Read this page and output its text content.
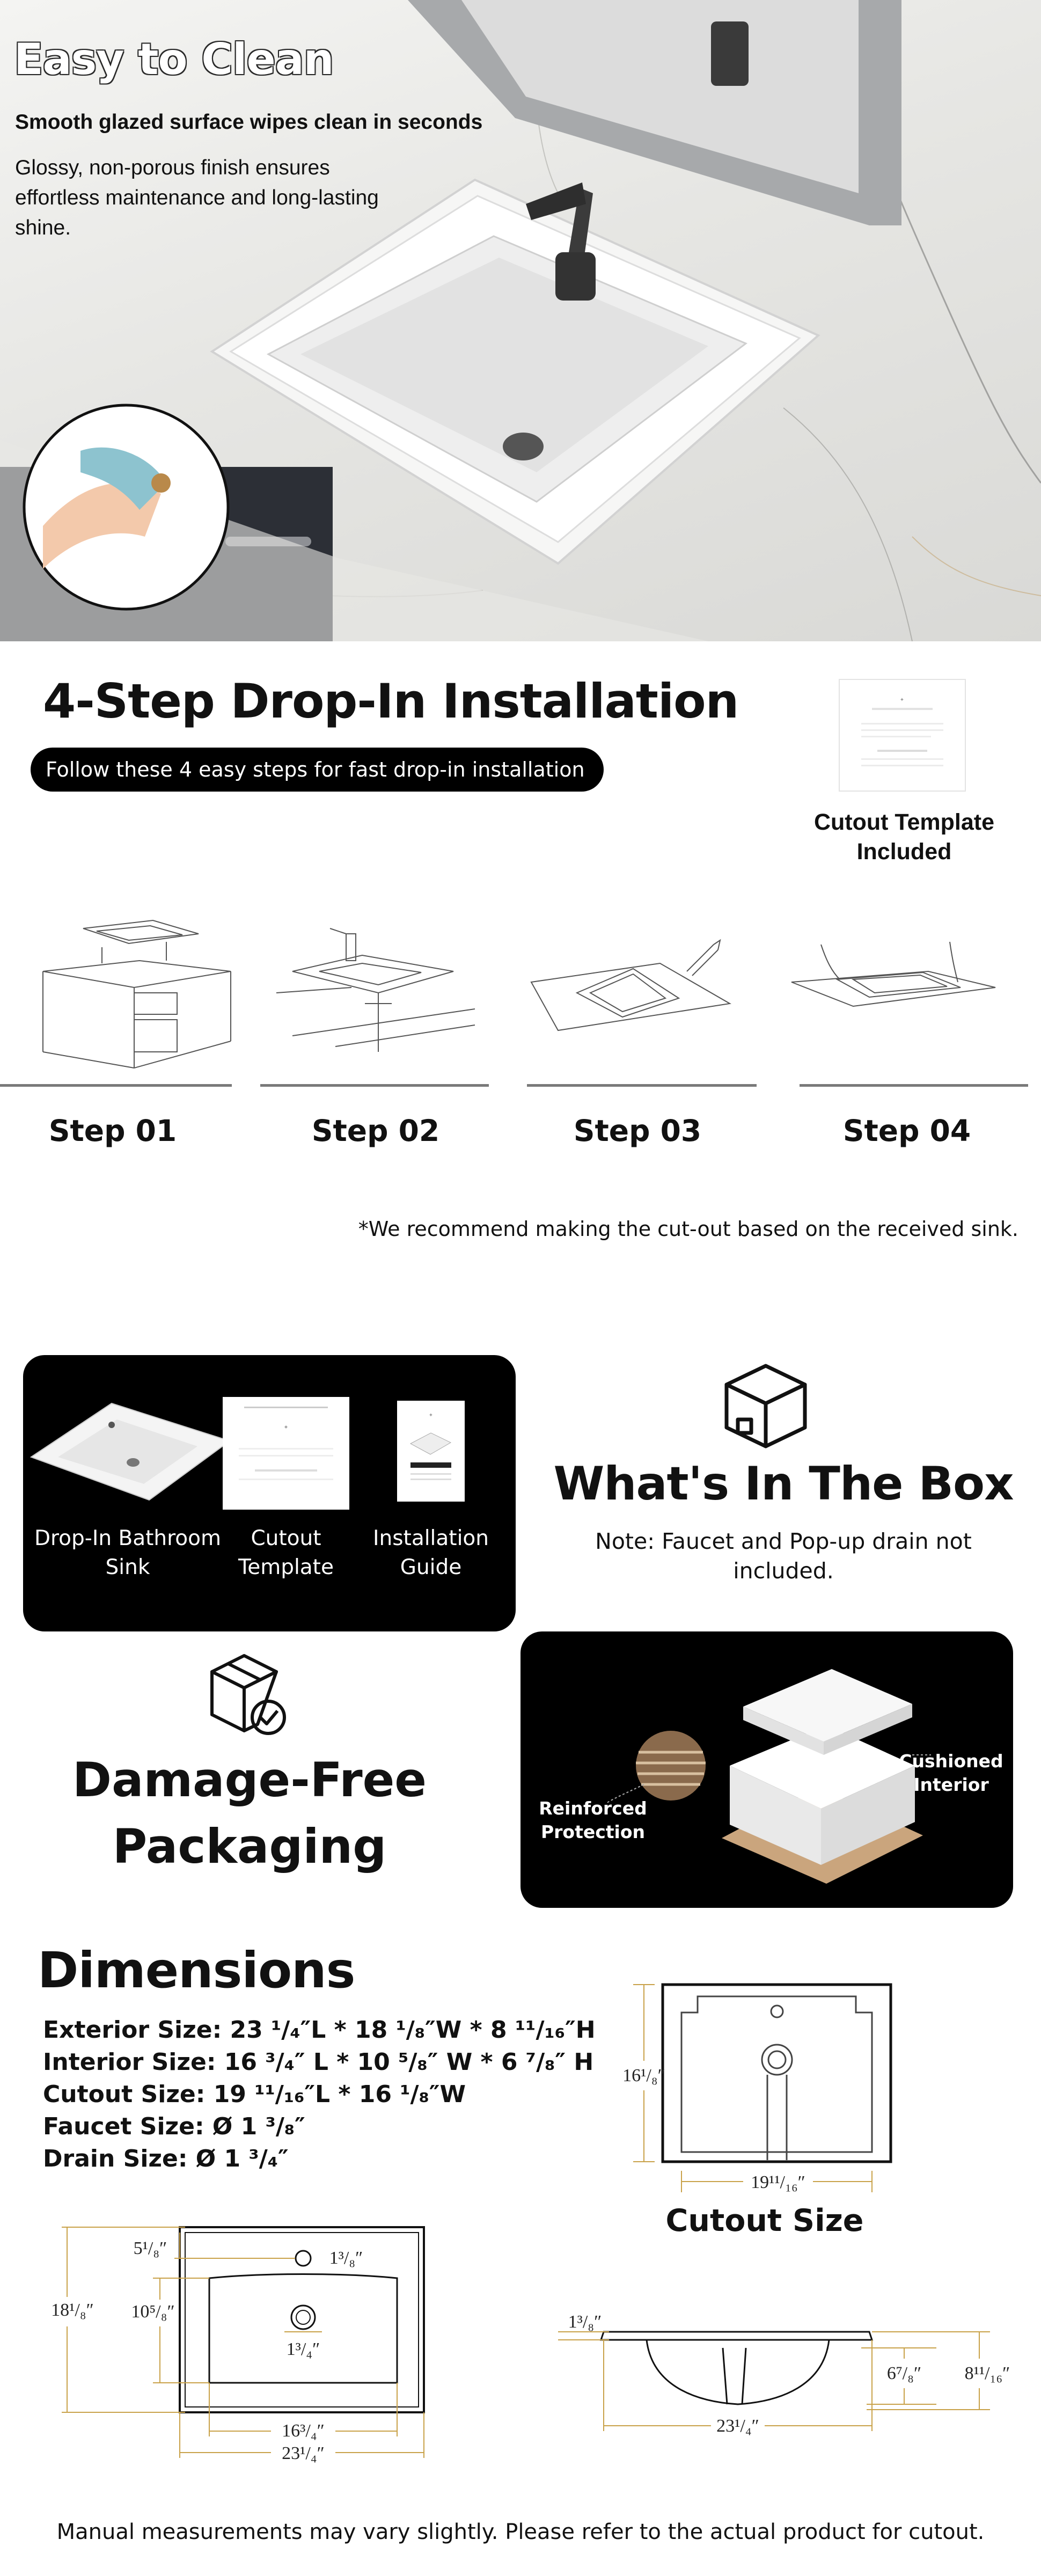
Easy to Clean
Smooth glazed surface wipes clean in seconds
Glossy, non-porous finish ensures effortless maintenance and long-lasting shine.
4-Step Drop-In Installation
Follow these 4 easy steps for fast drop-in installation
✦
Cutout Template Included
Step 01	Step 02	Step 03	Step 04
*We recommend making the cut-out based on the received sink.
✦
✦
Drop-In Bathroom Sink
Cutout Template
Installation Guide
What's In The Box
Note: Faucet and Pop-up drain not included.
Damage-Free Packaging
Reinforced Protection
Cushioned Interior
Dimensions
Exterior Size: 23 ¹/₄″L * 18 ¹/₈″W * 8 ¹¹/₁₆″H
Interior Size: 16 ³/₄″ L * 10 ⁵/₈″ W * 6 ⁷/₈″ H
Cutout Size: 19 ¹¹/₁₆″L * 16 ¹/₈″W
Faucet Size: Ø 1 ³/₈″
Drain Size: Ø 1 ³/₄″
16¹/₈″
19¹¹/₁₆″
Cutout Size
18¹/₈″ 10⁵/₈″
5¹/₈″	1³/₈″
1³/₄″
16³/₄″
23¹/₄″
1³/₈″
6⁷/₈″ 8¹¹/₁₆″
23¹/₄″
Manual measurements may vary slightly. Please refer to the actual product for cutout.
